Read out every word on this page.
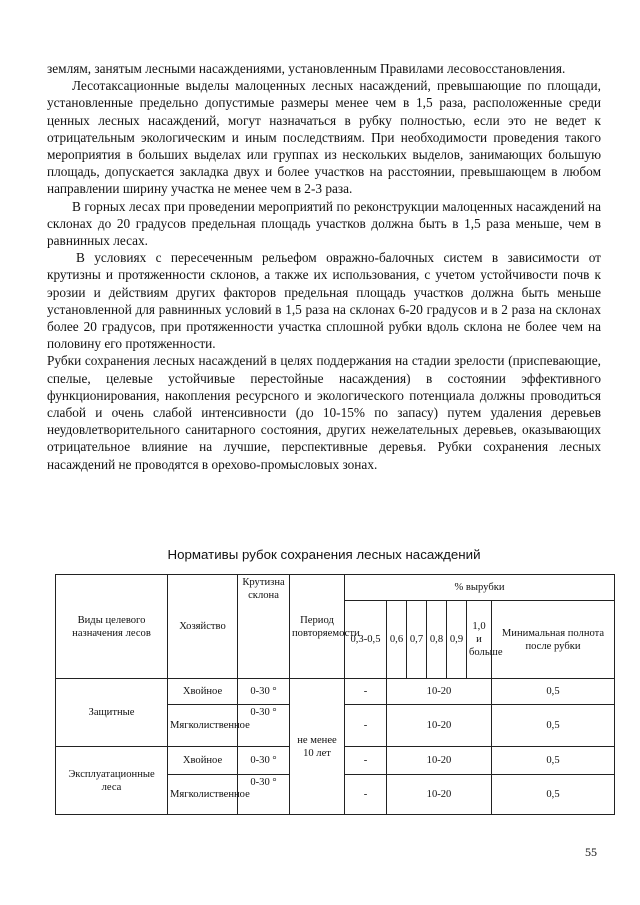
землям, занятым лесными насаждениями, установленным Правилами лесовосстановления.

Лесотаксационные выделы малоценных лесных насаждений, превышающие по площади, установленные предельно допустимые размеры менее чем в 1,5 раза, расположенные среди ценных лесных насаждений, могут назначаться в рубку полностью, если это не ведет к отрицательным экологическим и иным последствиям. При необходимости проведения такого мероприятия в больших выделах или группах из нескольких выделов, занимающих большую площадь, допускается закладка двух и более участков на расстоянии, превышающем в любом направлении ширину участка не менее чем в 2-3 раза.

В горных лесах при проведении мероприятий по реконструкции малоценных насаждений на склонах до 20 градусов предельная площадь участков должна быть в 1,5 раза меньше, чем в равнинных лесах.

В условиях с пересеченным рельефом овражно-балочных систем в зависимости от крутизны и протяженности склонов, а также их использования, с учетом устойчивости почв к эрозии и действиям других факторов предельная площадь участков должна быть меньше установленной для равнинных условий в 1,5 раза на склонах 6-20 градусов и в 2 раза на склонах более 20 градусов, при протяженности участка сплошной рубки вдоль склона не более чем на половину его протяженности.

Рубки сохранения лесных насаждений в целях поддержания на стадии зрелости (приспевающие, спелые, целевые устойчивые перестойные насаждения) в состоянии эффективного функционирования, накопления ресурсного и экологического потенциала должны проводиться слабой и очень слабой интенсивности (до 10-15% по запасу) путем удаления деревьев неудовлетворительного санитарного состояния, других нежелательных деревьев, оказывающих отрицательное влияние на лучшие, перспективные деревья. Рубки сохранения лесных насаждений не проводятся в орехово-промысловых зонах.

Нормативы рубок сохранения лесных насаждений
Виды целевого назначения лесов	Хозяйство	Крутизна склона	Период повторяемости	% вырубки						
				0,3-0,5	0,6	0,7	0,8	0,9	1,0 и больше	Минимальная полнота после рубки
Защитные	Хвойное	0-30 °	не менее 10 лет	-	10-20					0,5
	Мягколиственное	0-30 °		-	10-20					0,5
Эксплуатационные леса	Хвойное	0-30 °		-	10-20					0,5
	Мягколиственное	0-30 °		-	10-20					0,5
55
